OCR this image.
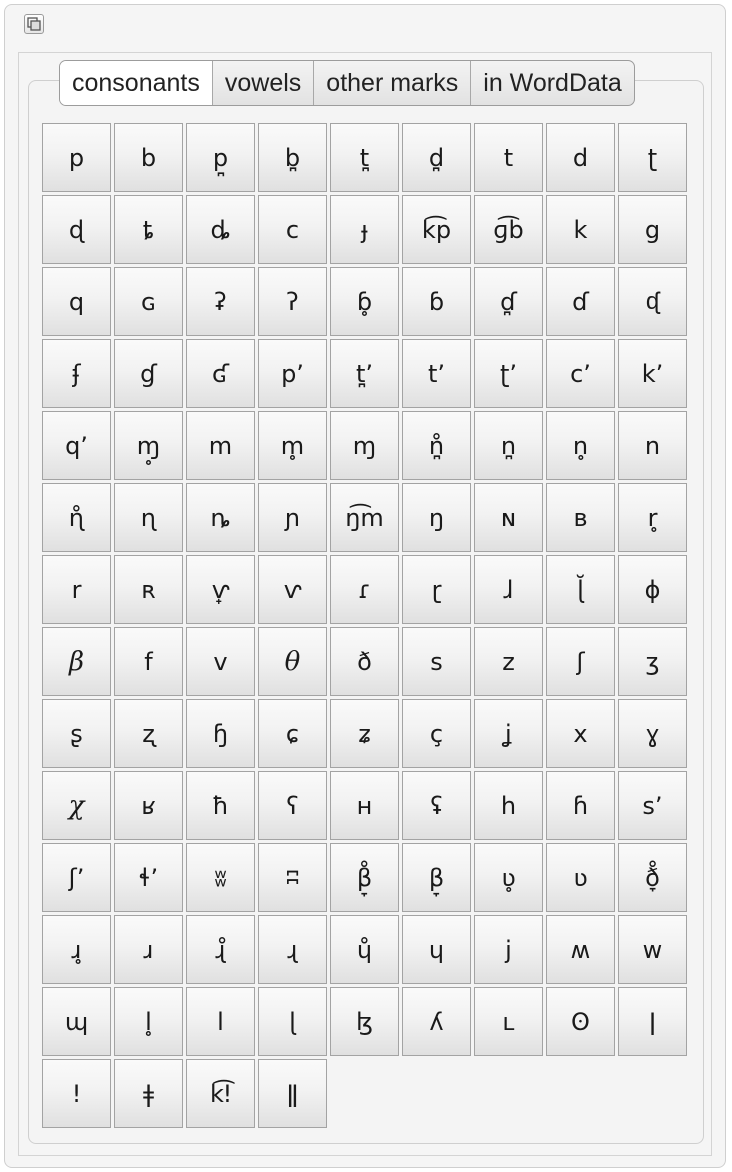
consonants	vowels	other marks	in WordData
p	b	p̪	b̪	t̪	d̪	t	d	ʈ
ɖ	ȶ	ȡ	c	ɟ	k͡p	ɡ͡b	k	g
q	ɢ	ʡ	ʔ	ɓ̥	ɓ	ɗ̪	ɗ	ᶑ
ʄ	ɠ	ʛ	pʼ	t̪ʼ	tʼ	ʈʼ	cʼ	kʼ
qʼ	ɱ̥	m	m̥	ɱ	n̪̊	n̪	n̥	n
ɳ̊	ɳ	ȵ	ɲ	ŋ͡m	ŋ	ɴ	ʙ	r̥
r	ʀ	ⱱ̟	ⱱ	ɾ	ɽ	ɺ	ɭ̆	ɸ
β	f	v	θ	ð	s	z	ʃ	ʒ
ʂ	ʐ	ɧ	ɕ	ʑ	ç	ʝ	x	ɣ
χ	ʁ	ħ	ʕ	ʜ	ʢ	h	ɦ	sʼ
ʃʼ	ɬʼ	ʬ	ʭ	β̞̊	β̞	ʋ̥	ʋ	ð̞̊
ɹ̥	ɹ	ɻ̊	ɻ	ɥ̊	ɥ	j	ʍ	w
ɰ	l̥	l	ɭ	ɮ	ʎ	ʟ	ʘ	ǀ
ǃ	ǂ	k͡ǃ	ǁ
